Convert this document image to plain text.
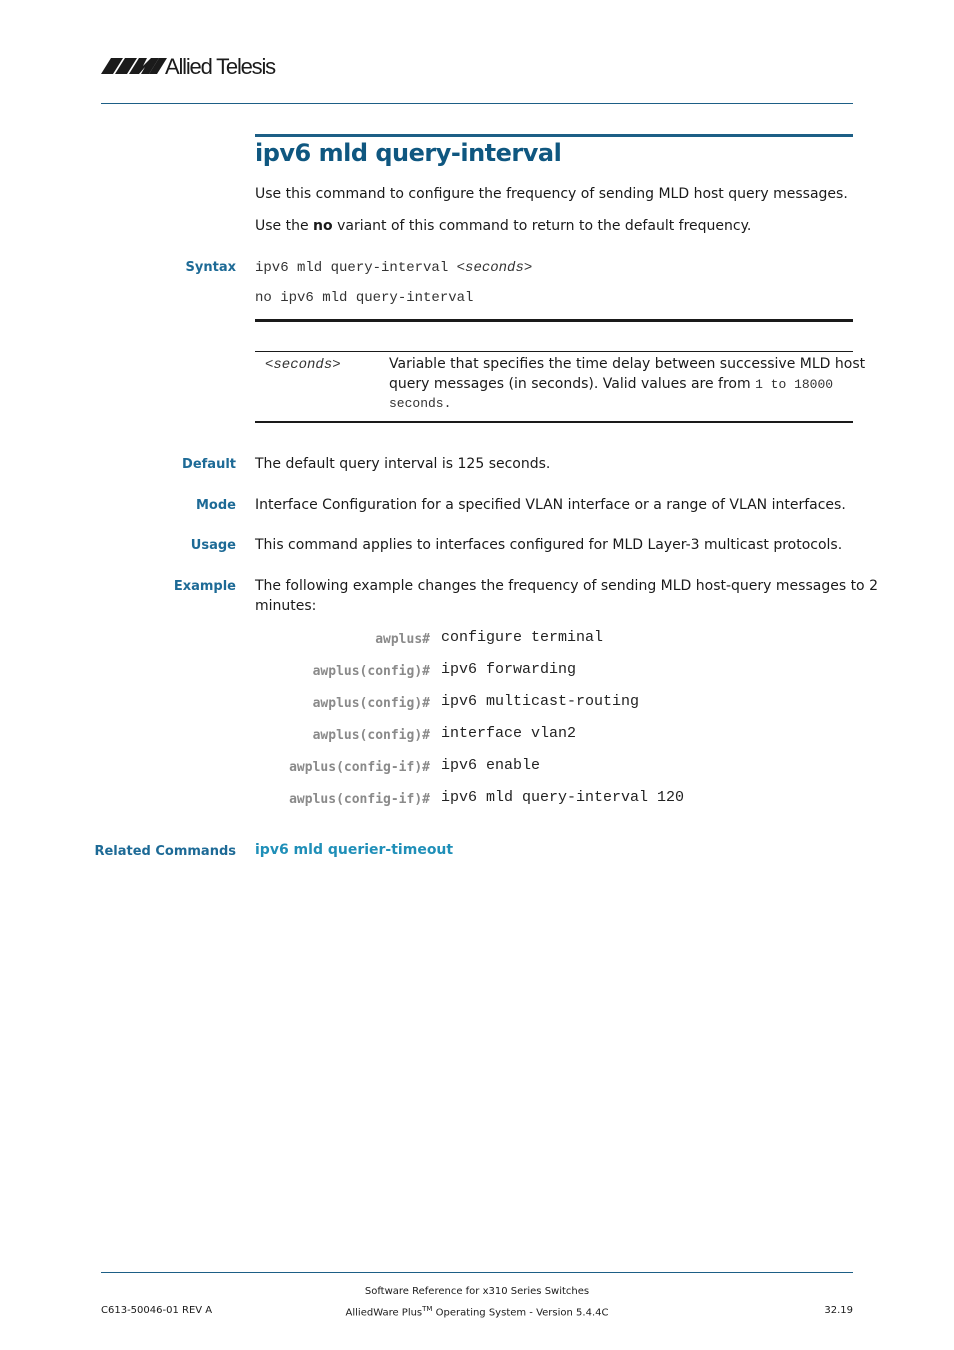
Allied Telesis
ipv6 mld query-interval
Use this command to configure the frequency of sending MLD host query messages.
Use the no variant of this command to return to the default frequency.
Syntax ipv6 mld query-interval <seconds>
no ipv6 mld query-interval
<seconds>	Variable that specifies the time delay between successive MLD host
query messages (in seconds). Valid values are from 1 to 18000
seconds.
Default The default query interval is 125 seconds.
Mode Interface Configuration for a specified VLAN interface or a range of VLAN interfaces.
Usage This command applies to interfaces configured for MLD Layer-3 multicast protocols.
Example The following example changes the frequency of sending MLD host-query messages to 2
minutes:
awplus# configure terminal
awplus(config)# ipv6 forwarding
awplus(config)# ipv6 multicast-routing
awplus(config)# interface vlan2
awplus(config-if)# ipv6 enable
awplus(config-if)# ipv6 mld query-interval 120
Related Commands ipv6 mld querier-timeout
Software Reference for x310 Series Switches
AlliedWare Plus™ Operating System - Version 5.4.4C
C613-50046-01 REV A	32.19
